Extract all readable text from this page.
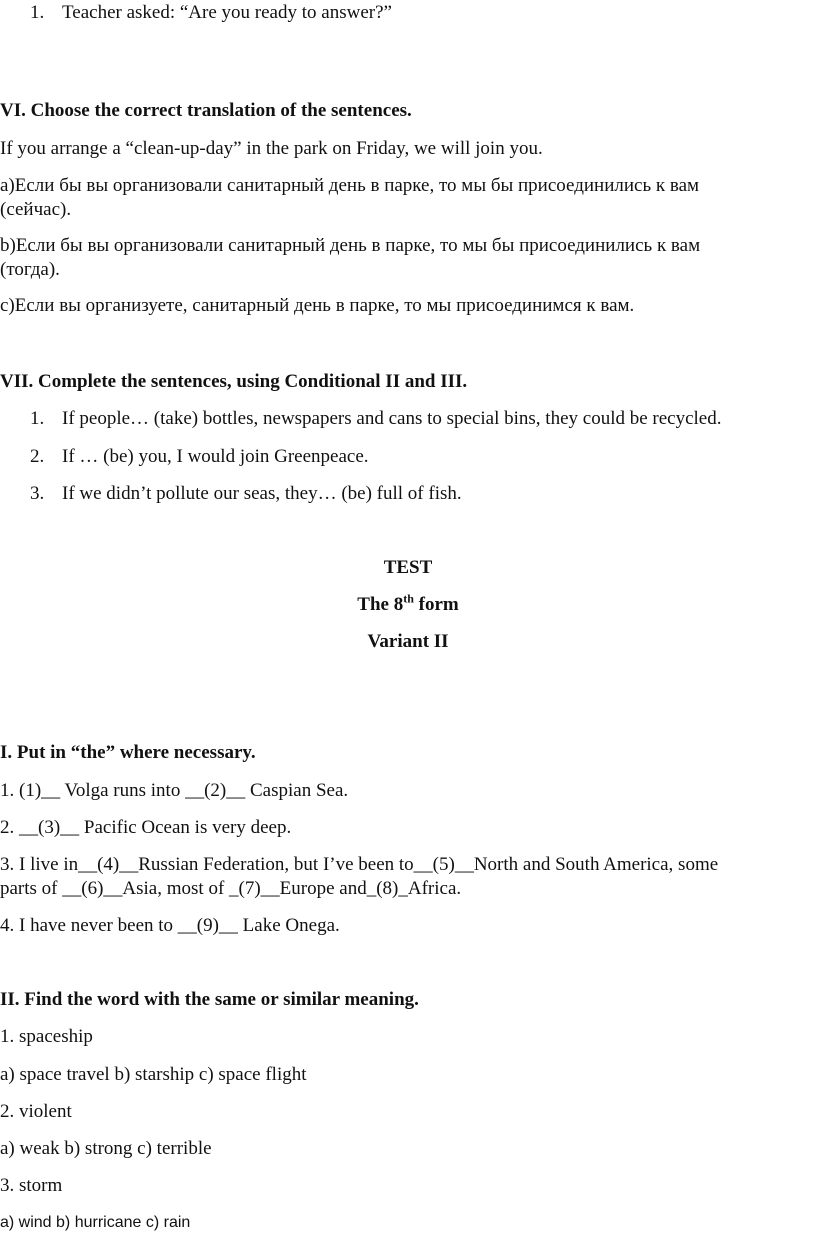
1. Teacher asked: “Are you ready to answer?”
VI. Choose the correct translation of the sentences.
If you arrange a “clean-up-day” in the park on Friday, we will join you.
a)Если бы вы организовали санитарный день в парке, то мы бы присоединились к вам
(сейчас).
b)Если бы вы организовали санитарный день в парке, то мы бы присоединились к вам
(тогда).
c)Если вы организуете, санитарный день в парке, то мы присоединимся к вам.
VII. Complete the sentences, using Conditional II and III.
1. If people… (take) bottles, newspapers and cans to special bins, they could be recycled.
2. If … (be) you, I would join Greenpeace.
3. If we didn’t pollute our seas, they… (be) full of fish.
TEST
The 8th form
Variant II
I. Put in “the” where necessary.
1. (1)__ Volga runs into __(2)__ Caspian Sea.
2. __(3)__ Pacific Ocean is very deep.
3. I live in__(4)__Russian Federation, but I’ve been to__(5)__North and South America, some
parts of __(6)__Asia, most of _(7)__Europe and_(8)_Africa.
4. I have never been to __(9)__ Lake Onega.
II. Find the word with the same or similar meaning.
1. spaceship
a) space travel b) starship c) space flight
2. violent
a) weak b) strong c) terrible
3. storm
a) wind b) hurricane c) rain
